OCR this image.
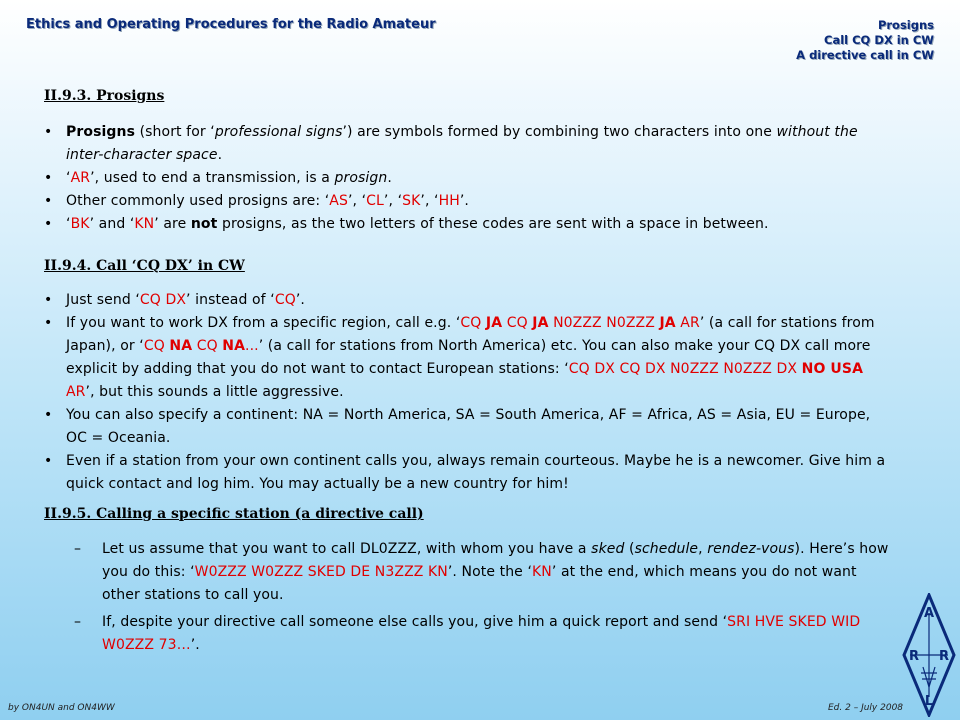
Ethics and Operating Procedures for the Radio Amateur	Prosigns
Call CQ DX in CW
A directive call in CW
II.9.3. Prosigns
• Prosigns (short for ‘professional signs’) are symbols formed by combining two characters into one without the inter-character space.
• ‘AR’, used to end a transmission, is a prosign.
• Other commonly used prosigns are: ‘AS’, ‘CL’, ‘SK’, ‘HH’.
• ‘BK’ and ‘KN’ are not prosigns, as the two letters of these codes are sent with a space in between.
II.9.4. Call ‘CQ DX’ in CW
• Just send ‘CQ DX’ instead of ‘CQ’.
• If you want to work DX from a specific region, call e.g. ‘CQ JA CQ JA N0ZZZ N0ZZZ JA AR’ (a call for stations from Japan), or ‘CQ NA CQ NA...’ (a call for stations from North America) etc. You can also make your CQ DX call more explicit by adding that you do not want to contact European stations: ‘CQ DX CQ DX N0ZZZ N0ZZZ DX NO USA AR’, but this sounds a little aggressive.
• You can also specify a continent: NA = North America, SA = South America, AF = Africa, AS = Asia, EU = Europe, OC = Oceania.
• Even if a station from your own continent calls you, always remain courteous. Maybe he is a newcomer. Give him a quick contact and log him. You may actually be a new country for him!
II.9.5. Calling a specific station (a directive call)
– Let us assume that you want to call DL0ZZZ, with whom you have a sked (schedule, rendez-vous). Here’s how you do this: ‘W0ZZZ W0ZZZ SKED DE N3ZZZ KN’. Note the ‘KN’ at the end, which means you do not want other stations to call you.
– If, despite your directive call someone else calls you, give him a quick report and send ‘SRI HVE SKED WID W0ZZZ 73…’.
by ON4UN and ON4WW	Ed. 2 – July 2008
A
R R
L
